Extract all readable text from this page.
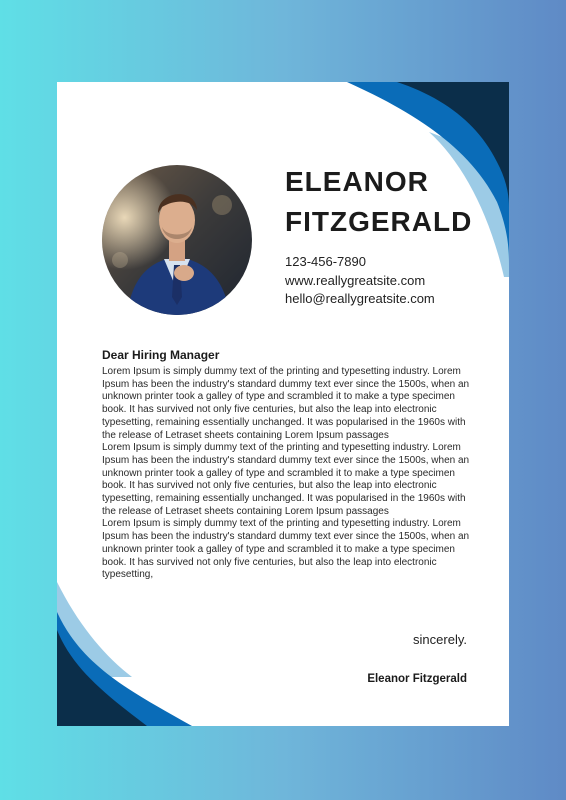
ELEANOR
FITZGERALD
123-456-7890
www.reallygreatsite.com
hello@reallygreatsite.com
Dear Hiring Manager

Lorem Ipsum is simply dummy text of the printing and typesetting industry. Lorem Ipsum has been the industry's standard dummy text ever since the 1500s, when an unknown printer took a galley of type and scrambled it to make a type specimen book. It has survived not only five centuries, but also the leap into electronic typesetting, remaining essentially unchanged. It was popularised in the 1960s with the release of Letraset sheets containing Lorem Ipsum passages

Lorem Ipsum is simply dummy text of the printing and typesetting industry. Lorem Ipsum has been the industry's standard dummy text ever since the 1500s, when an unknown printer took a galley of type and scrambled it to make a type specimen book. It has survived not only five centuries, but also the leap into electronic typesetting, remaining essentially unchanged. It was popularised in the 1960s with the release of Letraset sheets containing Lorem Ipsum passages

Lorem Ipsum is simply dummy text of the printing and typesetting industry. Lorem Ipsum has been the industry's standard dummy text ever since the 1500s, when an unknown printer took a galley of type and scrambled it to make a type specimen book. It has survived not only five centuries, but also the leap into electronic typesetting,

sincerely.
Eleanor Fitzgerald
